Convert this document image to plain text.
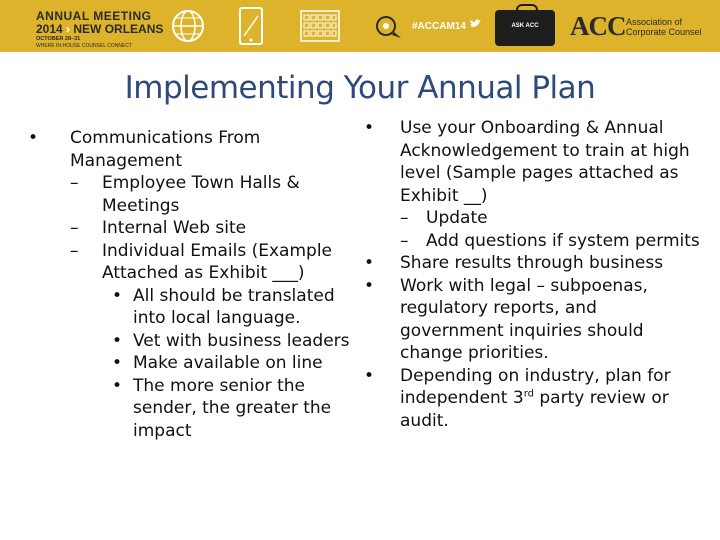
ANNUAL MEETING
2014 › NEW ORLEANS
OCTOBER 28–31
WHERE IN-HOUSE COUNSEL CONNECT
#ACCAM14	ASK ACC	ACC Association of
Corporate Counsel
Implementing Your Annual Plan
• Communications From Management
– Employee Town Halls & Meetings
– Internal Web site
– Individual Emails (Example Attached as Exhibit ___)
• All should be translated into local language.
• Vet with business leaders
• Make available on line
• The more senior the sender, the greater the impact
• Use your Onboarding & Annual Acknowledgement to train at high level (Sample pages attached as Exhibit __)
– Update
– Add questions if system permits
• Share results through business
• Work with legal – subpoenas, regulatory reports, and government inquiries should change priorities.
• Depending on industry, plan for independent 3rd party review or audit.
